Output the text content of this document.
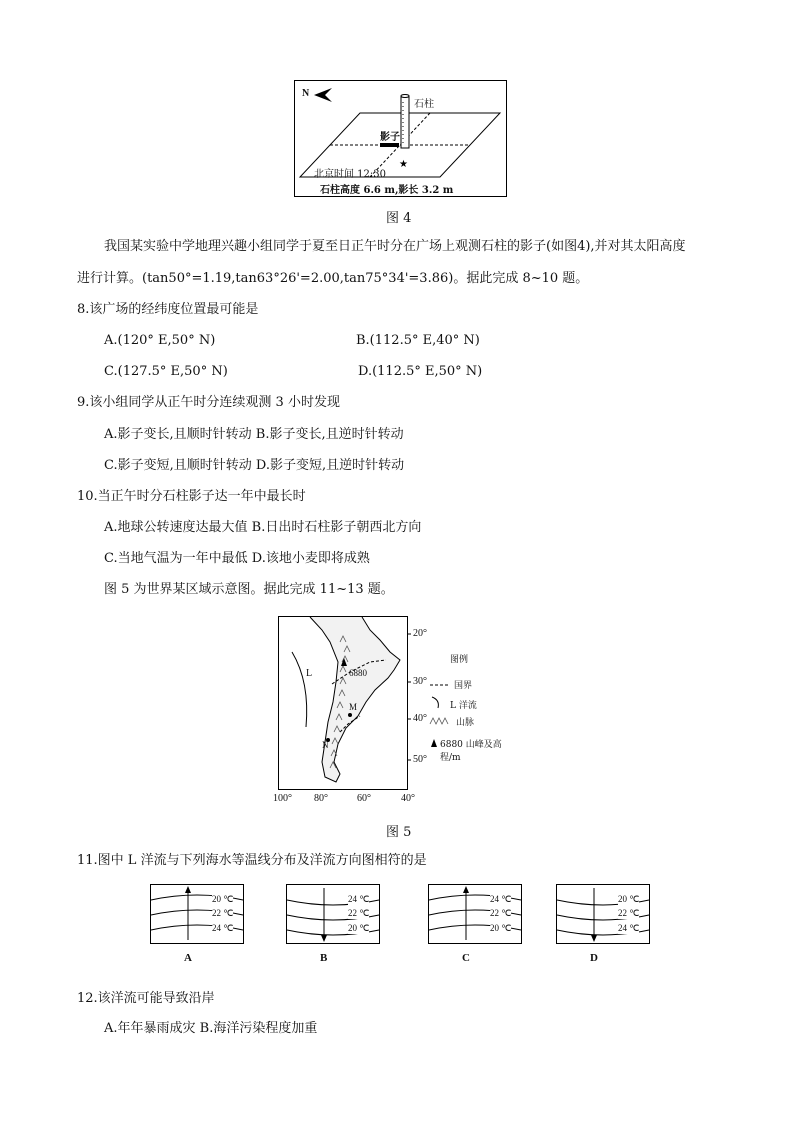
★
N
石柱
影子
北京时间 12:30
石柱高度 6.6 m,影长 3.2 m
图 4
我国某实验中学地理兴趣小组同学于夏至日正午时分在广场上观测石柱的影子(如图4),并对其太阳高度
进行计算。(tan50°=1.19,tan63°26'=2.00,tan75°34'=3.86)。据此完成 8~10 题。
8.该广场的经纬度位置最可能是
A.(120° E,50° N)	B.(112.5° E,40° N)
C.(127.5° E,50° N)	D.(112.5° E,50° N)
9.该小组同学从正午时分连续观测 3 小时发现
A.影子变长,且顺时针转动 B.影子变长,且逆时针转动
C.影子变短,且顺时针转动 D.影子变短,且逆时针转动
10.当正午时分石柱影子达一年中最长时
A.地球公转速度达最大值 B.日出时石柱影子朝西北方向
C.当地气温为一年中最低 D.该地小麦即将成熟
图 5 为世界某区域示意图。据此完成 11~13 题。
20°
30°
40°
50°
100° 80°	60°	40°
L	6880
M
N
图例
国界
L 洋流
山脉
6880 山峰及高程/m
图 5
11.图中 L 洋流与下列海水等温线分布及洋流方向图相符的是
20 ℃
22 ℃
24 ℃
A
24 ℃
22 ℃
20 ℃
B
24 ℃
22 ℃
20 ℃
C
20 ℃
22 ℃
24 ℃
D
12.该洋流可能导致沿岸
A.年年暴雨成灾 B.海洋污染程度加重
